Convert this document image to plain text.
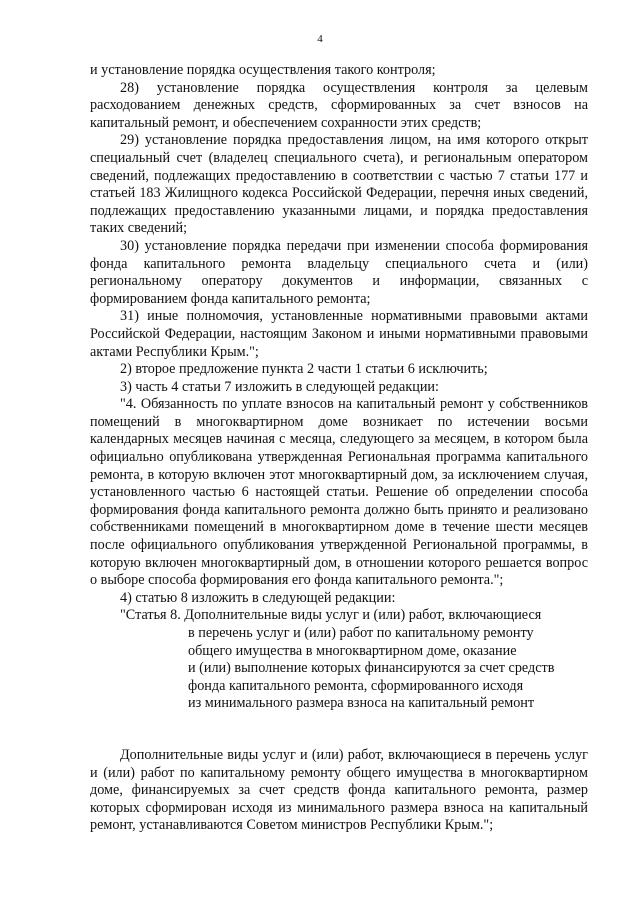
4

и установление порядка осуществления такого контроля;

28) установление порядка осуществления контроля за целевым расходованием денежных средств, сформированных за счет взносов на капитальный ремонт, и обеспечением сохранности этих средств;

29) установление порядка предоставления лицом, на имя которого открыт специальный счет (владелец специального счета), и региональным оператором сведений, подлежащих предоставлению в соответствии с частью 7 статьи 177 и статьей 183 Жилищного кодекса Российской Федерации, перечня иных сведений, подлежащих предоставлению указанными лицами, и порядка предоставления таких сведений;

30) установление порядка передачи при изменении способа формирования фонда капитального ремонта владельцу специального счета и (или) региональному оператору документов и информации, связанных с формированием фонда капитального ремонта;

31) иные полномочия, установленные нормативными правовыми актами Российской Федерации, настоящим Законом и иными нормативными правовыми актами Республики Крым.";

2) второе предложение пункта 2 части 1 статьи 6 исключить;

3) часть 4 статьи 7 изложить в следующей редакции:

"4. Обязанность по уплате взносов на капитальный ремонт у собственников помещений в многоквартирном доме возникает по истечении восьми календарных месяцев начиная с месяца, следующего за месяцем, в котором была официально опубликована утвержденная Региональная программа капитального ремонта, в которую включен этот многоквартирный дом, за исключением случая, установленного частью 6 настоящей статьи. Решение об определении способа формирования фонда капитального ремонта должно быть принято и реализовано собственниками помещений в многоквартирном доме в течение шести месяцев после официального опубликования утвержденной Региональной программы, в которую включен многоквартирный дом, в отношении которого решается вопрос о выборе способа формирования его фонда капитального ремонта.";

4) статью 8 изложить в следующей редакции:

"Статья 8. Дополнительные виды услуг и (или) работ, включающиеся
в перечень услуг и (или) работ по капитальному ремонту
общего имущества в многоквартирном доме, оказание
и (или) выполнение которых финансируются за счет средств
фонда капитального ремонта, сформированного исходя
из минимального размера взноса на капитальный ремонт

Дополнительные виды услуг и (или) работ, включающиеся в перечень услуг и (или) работ по капитальному ремонту общего имущества в многоквартирном доме, финансируемых за счет средств фонда капитального ремонта, размер которых сформирован исходя из минимального размера взноса на капитальный ремонт, устанавливаются Советом министров Республики Крым.";
